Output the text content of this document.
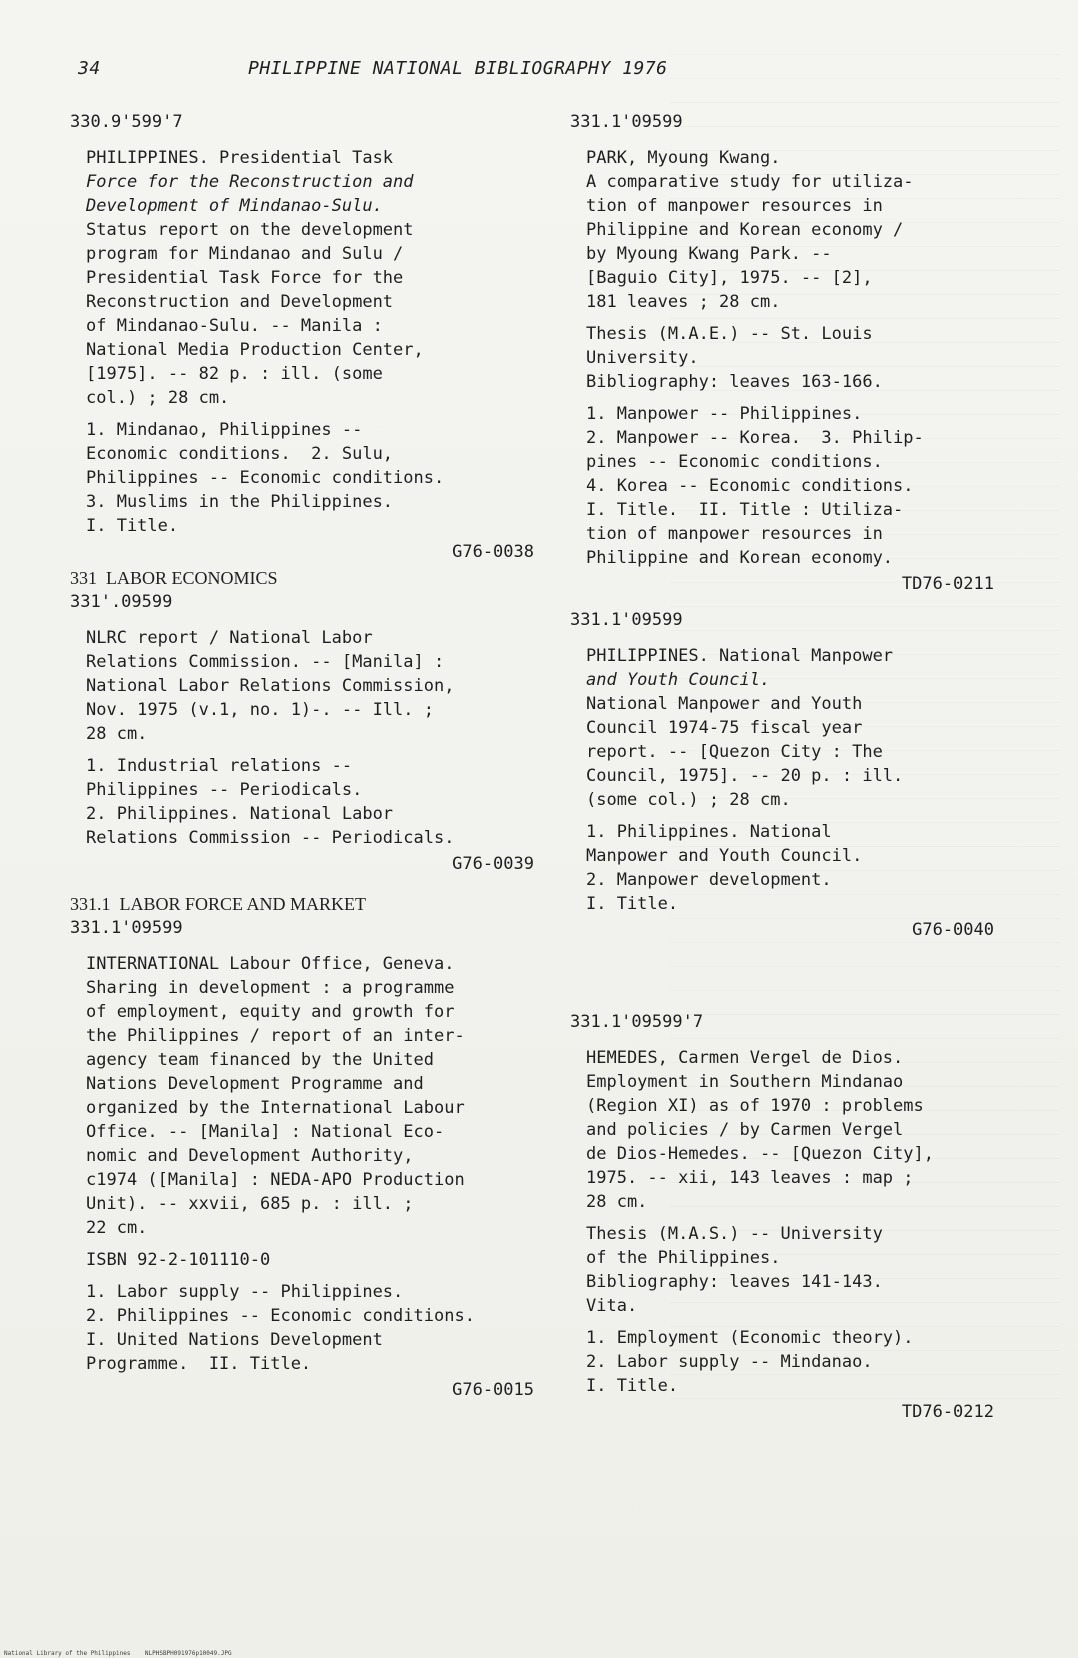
34	PHILIPPINE NATIONAL BIBLIOGRAPHY 1976
330.9'599'7
PHILIPPINES. Presidential Task
Force for the Reconstruction and
Development of Mindanao-Sulu.
Status report on the development
program for Mindanao and Sulu /
Presidential Task Force for the
Reconstruction and Development
of Mindanao-Sulu. -- Manila :
National Media Production Center,
[1975]. -- 82 p. : ill. (some
col.) ; 28 cm.
1. Mindanao, Philippines --
Economic conditions.  2. Sulu,
Philippines -- Economic conditions.
3. Muslims in the Philippines.
I. Title.
G76-0038
331  LABOR ECONOMICS
331'.09599
NLRC report / National Labor
Relations Commission. -- [Manila] :
National Labor Relations Commission,
Nov. 1975 (v.1, no. 1)-. -- Ill. ;
28 cm.
1. Industrial relations --
Philippines -- Periodicals.
2. Philippines. National Labor
Relations Commission -- Periodicals.
G76-0039
331.1  LABOR FORCE AND MARKET
331.1'09599
INTERNATIONAL Labour Office, Geneva.
Sharing in development : a programme
of employment, equity and growth for
the Philippines / report of an inter-
agency team financed by the United
Nations Development Programme and
organized by the International Labour
Office. -- [Manila] : National Eco-
nomic and Development Authority,
c1974 ([Manila] : NEDA-APO Production
Unit). -- xxvii, 685 p. : ill. ;
22 cm.
ISBN 92-2-101110-0
1. Labor supply -- Philippines.
2. Philippines -- Economic conditions.
I. United Nations Development
Programme.  II. Title.
G76-0015
331.1'09599
PARK, Myoung Kwang.
A comparative study for utiliza-
tion of manpower resources in
Philippine and Korean economy /
by Myoung Kwang Park. --
[Baguio City], 1975. -- [2],
181 leaves ; 28 cm.
Thesis (M.A.E.) -- St. Louis
University.
Bibliography: leaves 163-166.
1. Manpower -- Philippines.
2. Manpower -- Korea.  3. Philip-
pines -- Economic conditions.
4. Korea -- Economic conditions.
I. Title.  II. Title : Utiliza-
tion of manpower resources in
Philippine and Korean economy.
TD76-0211
331.1'09599
PHILIPPINES. National Manpower
and Youth Council.
National Manpower and Youth
Council 1974-75 fiscal year
report. -- [Quezon City : The
Council, 1975]. -- 20 p. : ill.
(some col.) ; 28 cm.
1. Philippines. National
Manpower and Youth Council.
2. Manpower development.
I. Title.
G76-0040
331.1'09599'7
HEMEDES, Carmen Vergel de Dios.
Employment in Southern Mindanao
(Region XI) as of 1970 : problems
and policies / by Carmen Vergel
de Dios-Hemedes. -- [Quezon City],
1975. -- xii, 143 leaves : map ;
28 cm.
Thesis (M.A.S.) -- University
of the Philippines.
Bibliography: leaves 141-143.
Vita.
1. Employment (Economic theory).
2. Labor supply -- Mindanao.
I. Title.
TD76-0212
National Library of the Philippines    NLPHSBPH091976p10049.JPG
